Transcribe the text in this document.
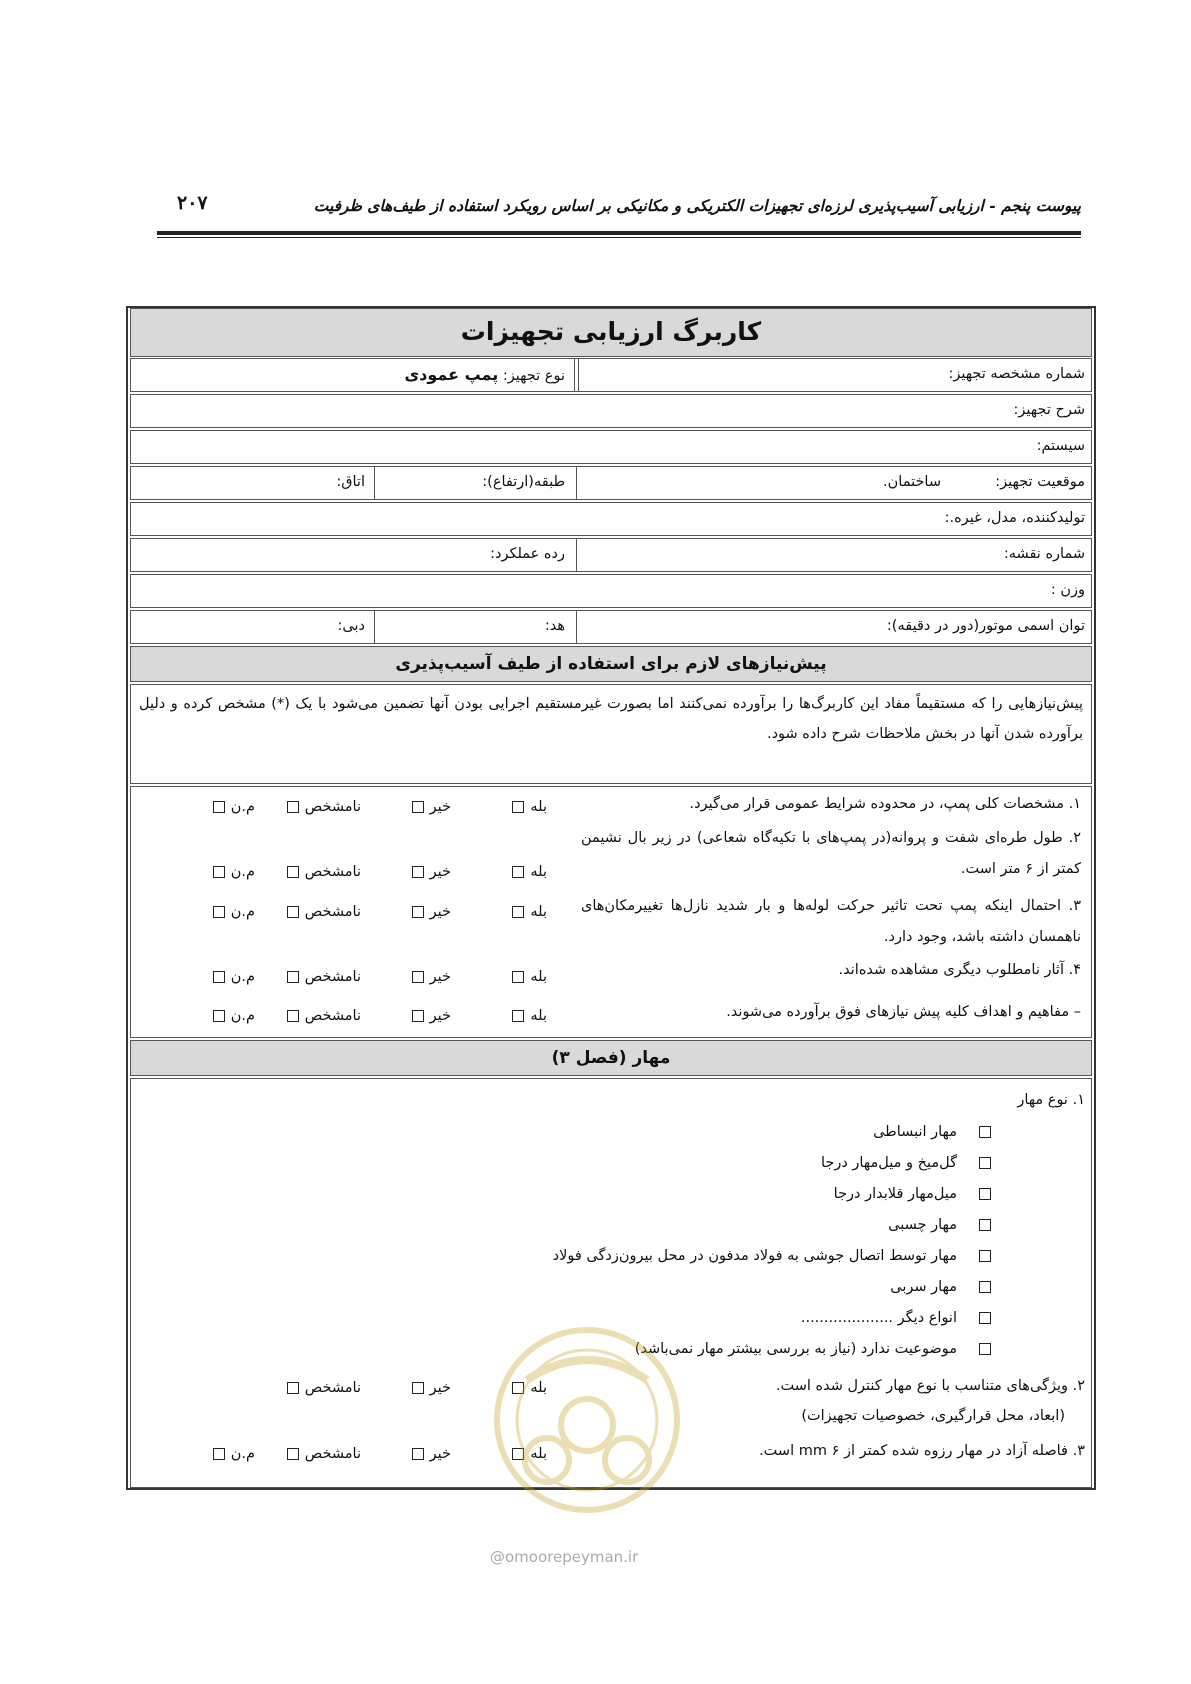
پیوست پنجم - ارزیابی آسیب‌پذیری لرزه‌ای تجهیزات الکتریکی و مکانیکی بر اساس رویکرد استفاده از طیف‌های ظرفیت
۲۰۷
کاربرگ ارزیابی تجهیزات
شماره مشخصه تجهیز:
نوع تجهیز: پمپ عمودی
شرح تجهیز:
سیستم:
موقعیت تجهیز:
ساختمان.
طبقه(ارتفاع):
اتاق:
تولیدکننده، مدل، غیره.:
شماره نقشه:
رده عملکرد:
وزن :
توان اسمی موتور(دور در دقیقه):
هد:
دبی:
پیش‌نیازهای لازم برای استفاده از طیف آسیب‌پذیری
پیش‌نیازهایی را که مستقیماً مفاد این کاربرگ‌ها را برآورده نمی‌کنند اما بصورت غیرمستقیم اجرایی بودن آنها تضمین می‌شود با یک (*) مشخص کرده و دلیل برآورده شدن آنها در بخش ملاحظات شرح داده شود.
۱. مشخصات کلی پمپ، در محدوده شرایط عمومی قرار می‌گیرد.
۲. طول طره‌ای شفت و پروانه(در پمپ‌های با تکیه‌گاه شعاعی) در زیر بال نشیمن کمتر از ۶ متر است.
۳. احتمال اینکه پمپ تحت تاثیر حرکت لوله‌ها و بار شدید نازل‌ها تغییرمکان‌های ناهمسان داشته باشد، وجود دارد.
۴. آثار نامطلوب دیگری مشاهده شده‌اند.
– مفاهیم و اهداف کلیه پیش نیازهای فوق برآورده می‌شوند.
بله
خیر
نامشخص
م.ن
بله
خیر
نامشخص
م.ن
بله
خیر
نامشخص
م.ن
بله
خیر
نامشخص
م.ن
بله
خیر
نامشخص
م.ن
مهار (فصل ۳)
۱. نوع مهار
مهار انبساطی
گل‌میخ و میل‌مهار درجا
میل‌مهار قلابدار درجا
مهار چسبی
مهار توسط اتصال جوشی به فولاد مدفون در محل بیرون‌زدگی فولاد
مهار سربی
انواع دیگر ....................
موضوعیت ندارد (نیاز به بررسی بیشتر مهار نمی‌باشد)
۲. ویژگی‌های متناسب با نوع مهار کنترل شده است.
(ابعاد، محل قرارگیری، خصوصیات تجهیزات)
۳. فاصله آزاد در مهار رزوه شده کمتر از mm ۶ است.
بله
خیر
نامشخص
بله
خیر
نامشخص
م.ن
@omoorepeyman.ir
